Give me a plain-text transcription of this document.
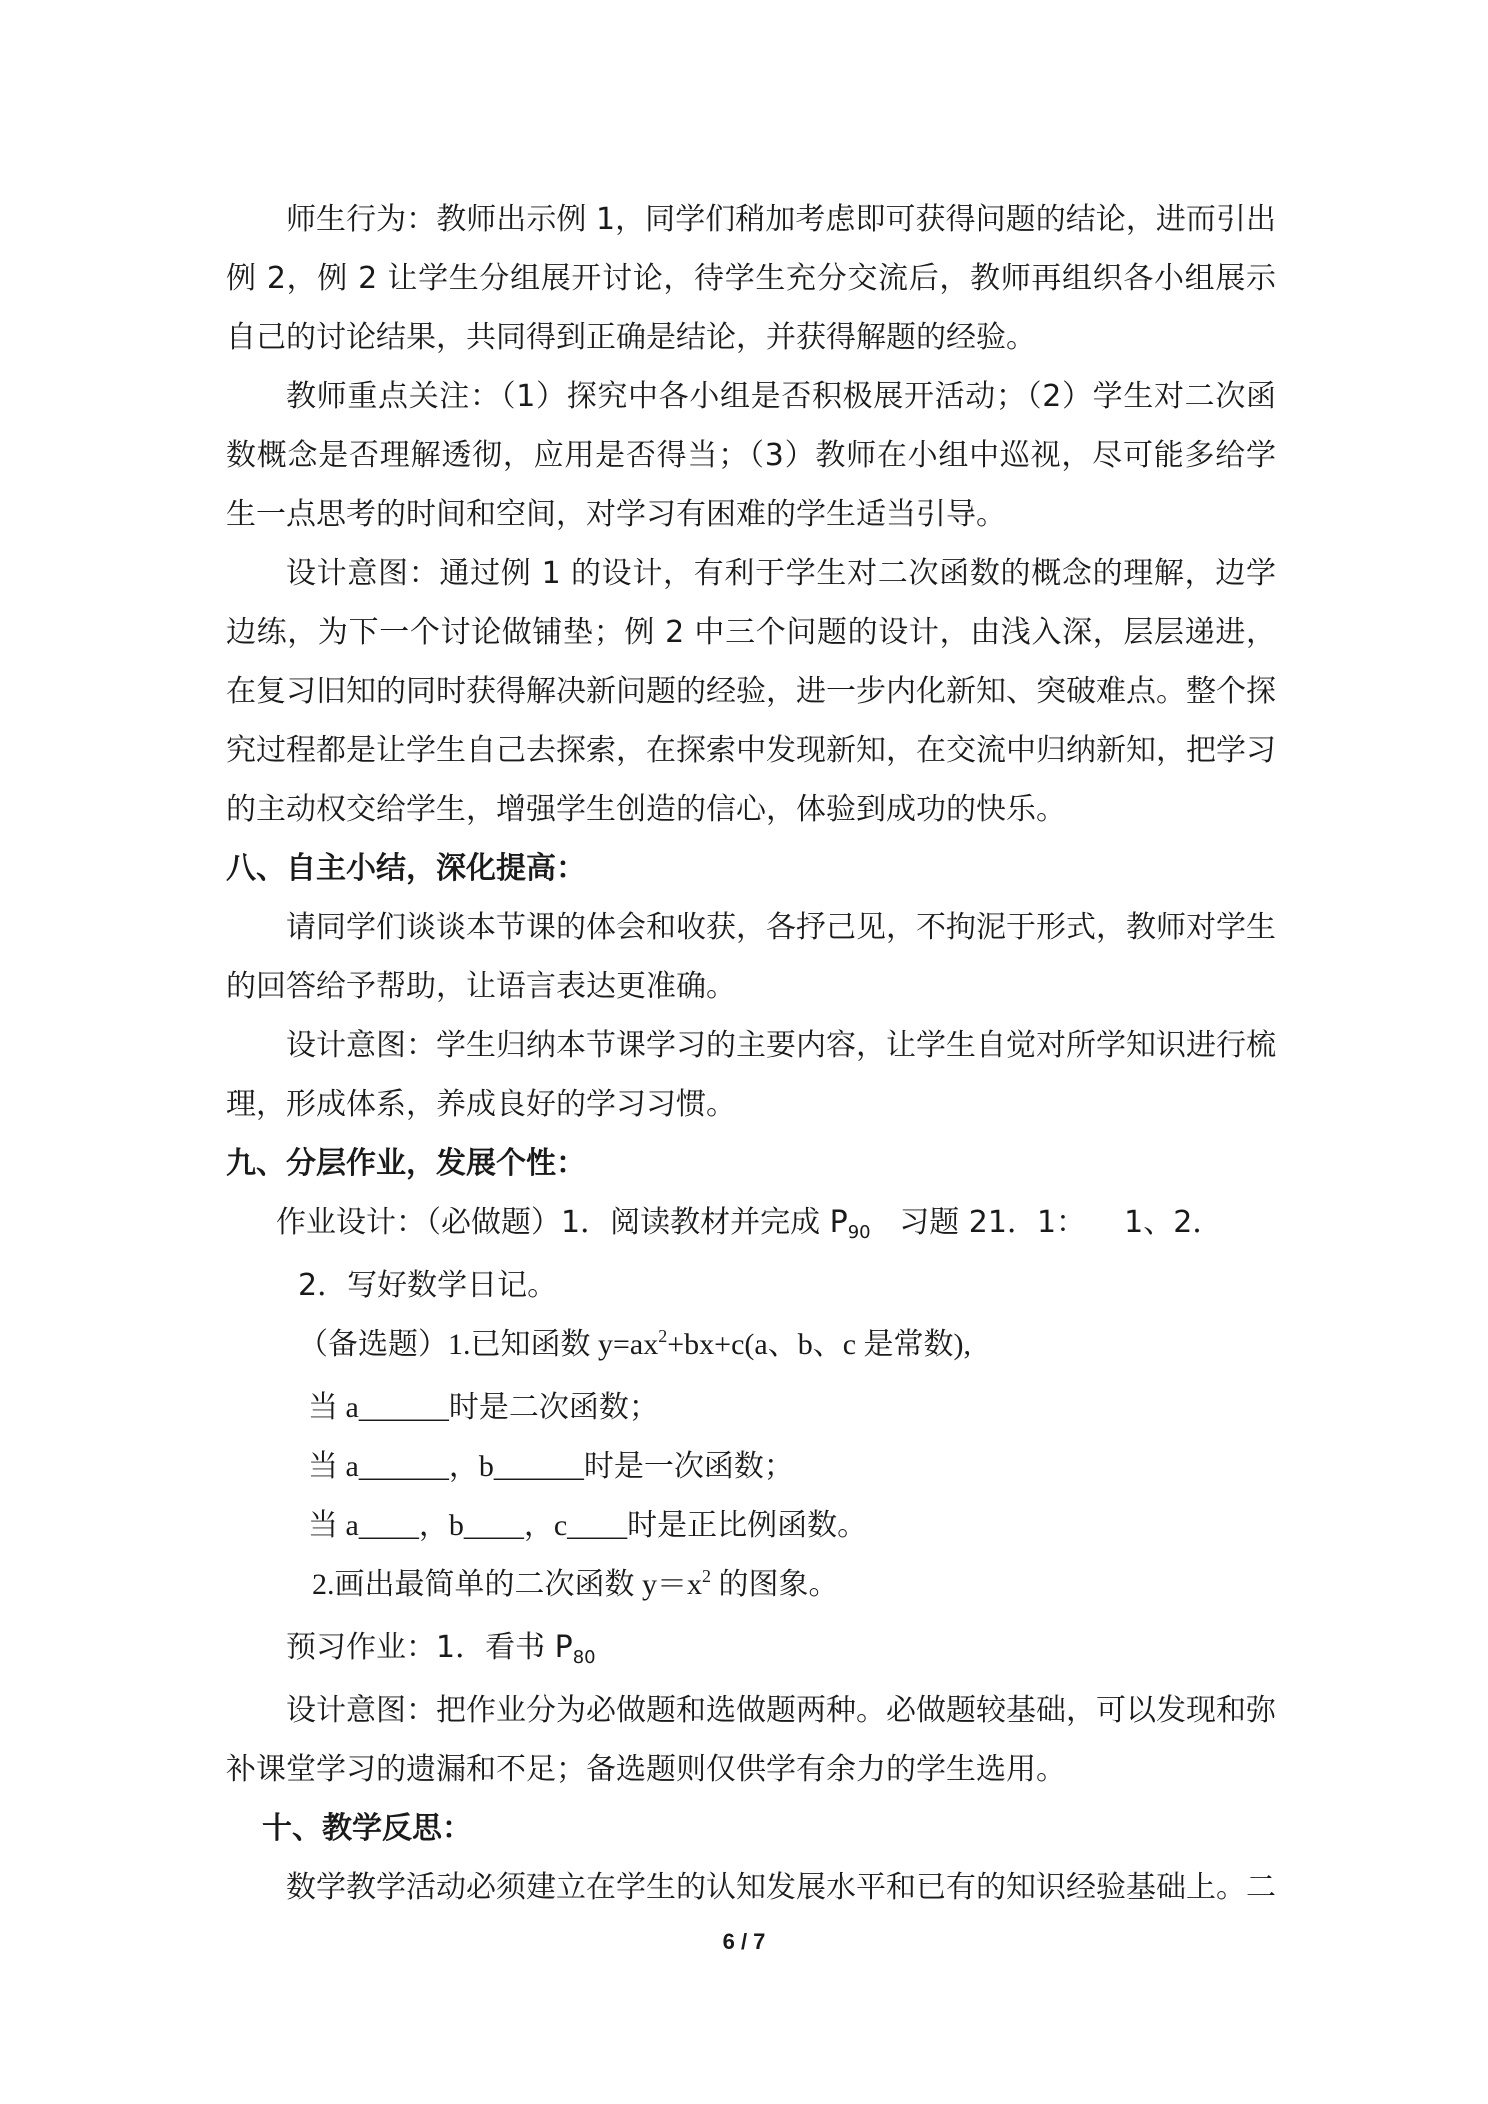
师生行为：教师出示例 1，同学们稍加考虑即可获得问题的结论，进而引出例 2，例 2 让学生分组展开讨论，待学生充分交流后，教师再组织各小组展示自己的讨论结果，共同得到正确是结论，并获得解题的经验。

教师重点关注：（1）探究中各小组是否积极展开活动；（2）学生对二次函数概念是否理解透彻，应用是否得当；（3）教师在小组中巡视，尽可能多给学生一点思考的时间和空间，对学习有困难的学生适当引导。

设计意图：通过例 1 的设计，有利于学生对二次函数的概念的理解，边学边练，为下一个讨论做铺垫；例 2 中三个问题的设计，由浅入深，层层递进，在复习旧知的同时获得解决新问题的经验，进一步内化新知、突破难点。整个探究过程都是让学生自己去探索，在探索中发现新知，在交流中归纳新知，把学习的主动权交给学生，增强学生创造的信心，体验到成功的快乐。

八、自主小结，深化提高：

请同学们谈谈本节课的体会和收获，各抒己见，不拘泥于形式，教师对学生的回答给予帮助，让语言表达更准确。

设计意图：学生归纳本节课学习的主要内容，让学生自觉对所学知识进行梳理，形成体系，养成良好的学习习惯。

九、分层作业，发展个性：

作业设计：（必做题）1．阅读教材并完成 $P_{90}$   习题 21．1：    1、2．

2．写好数学日记。

（备选题）1.已知函数 $y=ax^2+bx+c(a$、b、c 是常数),

当 a______时是二次函数；

当 a______，b______时是一次函数；

当 a____，b____，c____时是正比例函数。

2.画出最简单的二次函数 $y=x^2$ 的图象。

预习作业：1．看书 $P_{80}$

设计意图：把作业分为必做题和选做题两种。必做题较基础，可以发现和弥补课堂学习的遗漏和不足；备选题则仅供学有余力的学生选用。

十、教学反思：

数学教学活动必须建立在学生的认知发展水平和已有的知识经验基础上。二

6 / 7
